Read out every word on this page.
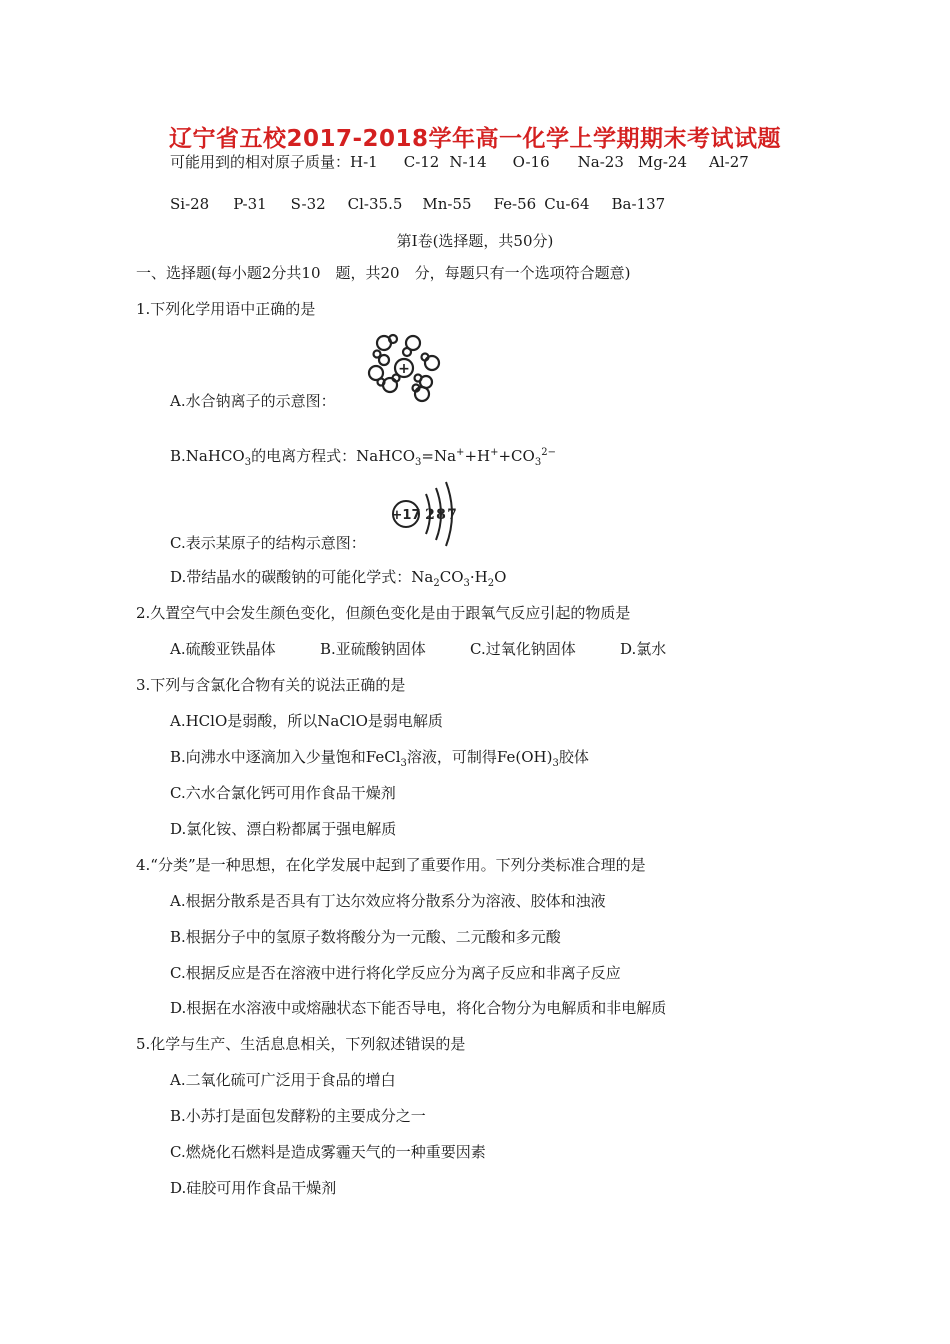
辽宁省五校2017-2018学年高一化学上学期期末考试试题
可能用到的相对原子质量：H-1 C-12 N-14 O-16 Na-23 Mg-24 Al-27
Si-28 P-31 S-32 Cl-35.5 Mn-55 Fe-56 Cu-64 Ba-137
第Ⅰ卷(选择题，共50分)
一、选择题(每小题2分共10　题，共20　分，每题只有一个选项符合题意)
1.下列化学用语中正确的是
+
A.水合钠离子的示意图：
B.NaHCO$_3$的电离方程式：$NaHCO_3=Na^++H^++CO_3^{2-}$
+17 2 8 7
C.表示某原子的结构示意图：
D.带结晶水的碳酸钠的可能化学式：$Na_2CO_3\cdot H_2O$
2.久置空气中会发生颜色变化，但颜色变化是由于跟氧气反应引起的物质是
A.硫酸亚铁晶体	B.亚硫酸钠固体	C.过氧化钠固体	D.氯水
3.下列与含氯化合物有关的说法正确的是
A.HClO是弱酸，所以NaClO是弱电解质
B.向沸水中逐滴加入少量饱和FeCl$_3$溶液，可制得$Fe(OH)_3$胶体
C.六水合氯化钙可用作食品干燥剂
D.氯化铵、漂白粉都属于强电解质
4.“分类”是一种思想，在化学发展中起到了重要作用。下列分类标准合理的是
A.根据分散系是否具有丁达尔效应将分散系分为溶液、胶体和浊液
B.根据分子中的氢原子数将酸分为一元酸、二元酸和多元酸
C.根据反应是否在溶液中进行将化学反应分为离子反应和非离子反应
D.根据在水溶液中或熔融状态下能否导电，将化合物分为电解质和非电解质
5.化学与生产、生活息息相关，下列叙述错误的是
A.二氧化硫可广泛用于食品的增白
B.小苏打是面包发酵粉的主要成分之一
C.燃烧化石燃料是造成雾霾天气的一种重要因素
D.硅胶可用作食品干燥剂
